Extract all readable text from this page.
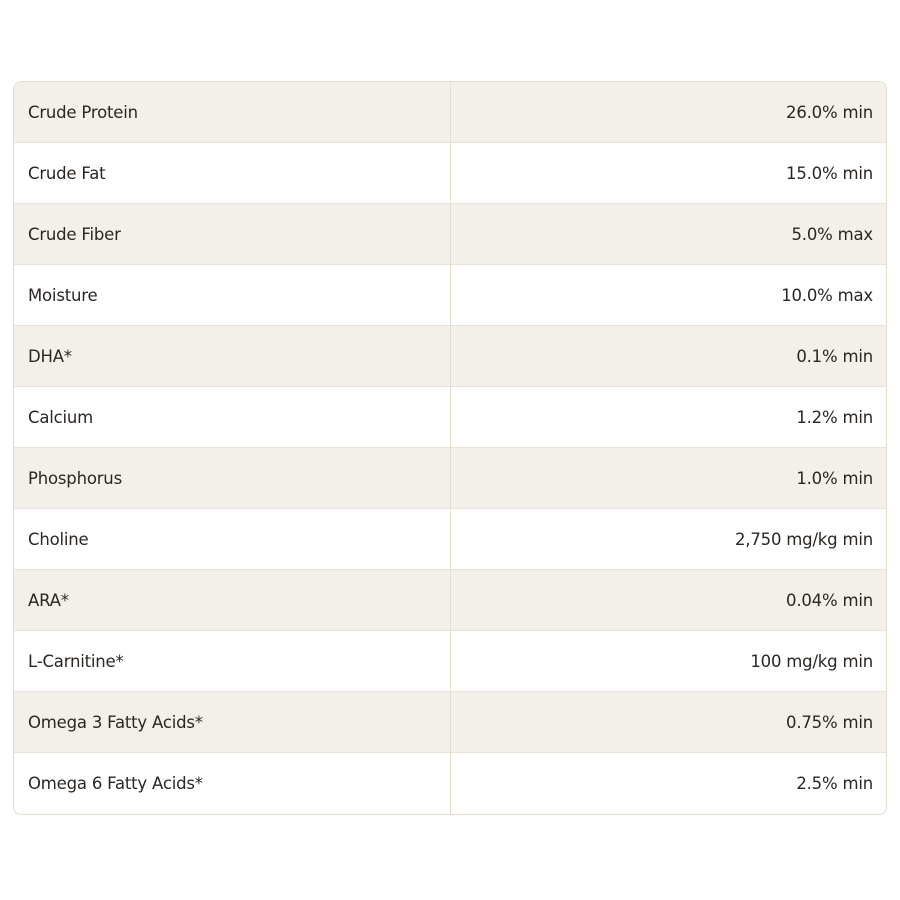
Crude Protein	26.0% min
Crude Fat	15.0% min
Crude Fiber	5.0% max
Moisture	10.0% max
DHA*	0.1% min
Calcium	1.2% min
Phosphorus	1.0% min
Choline	2,750 mg/kg min
ARA*	0.04% min
L-Carnitine*	100 mg/kg min
Omega 3 Fatty Acids*	0.75% min
Omega 6 Fatty Acids*	2.5% min
